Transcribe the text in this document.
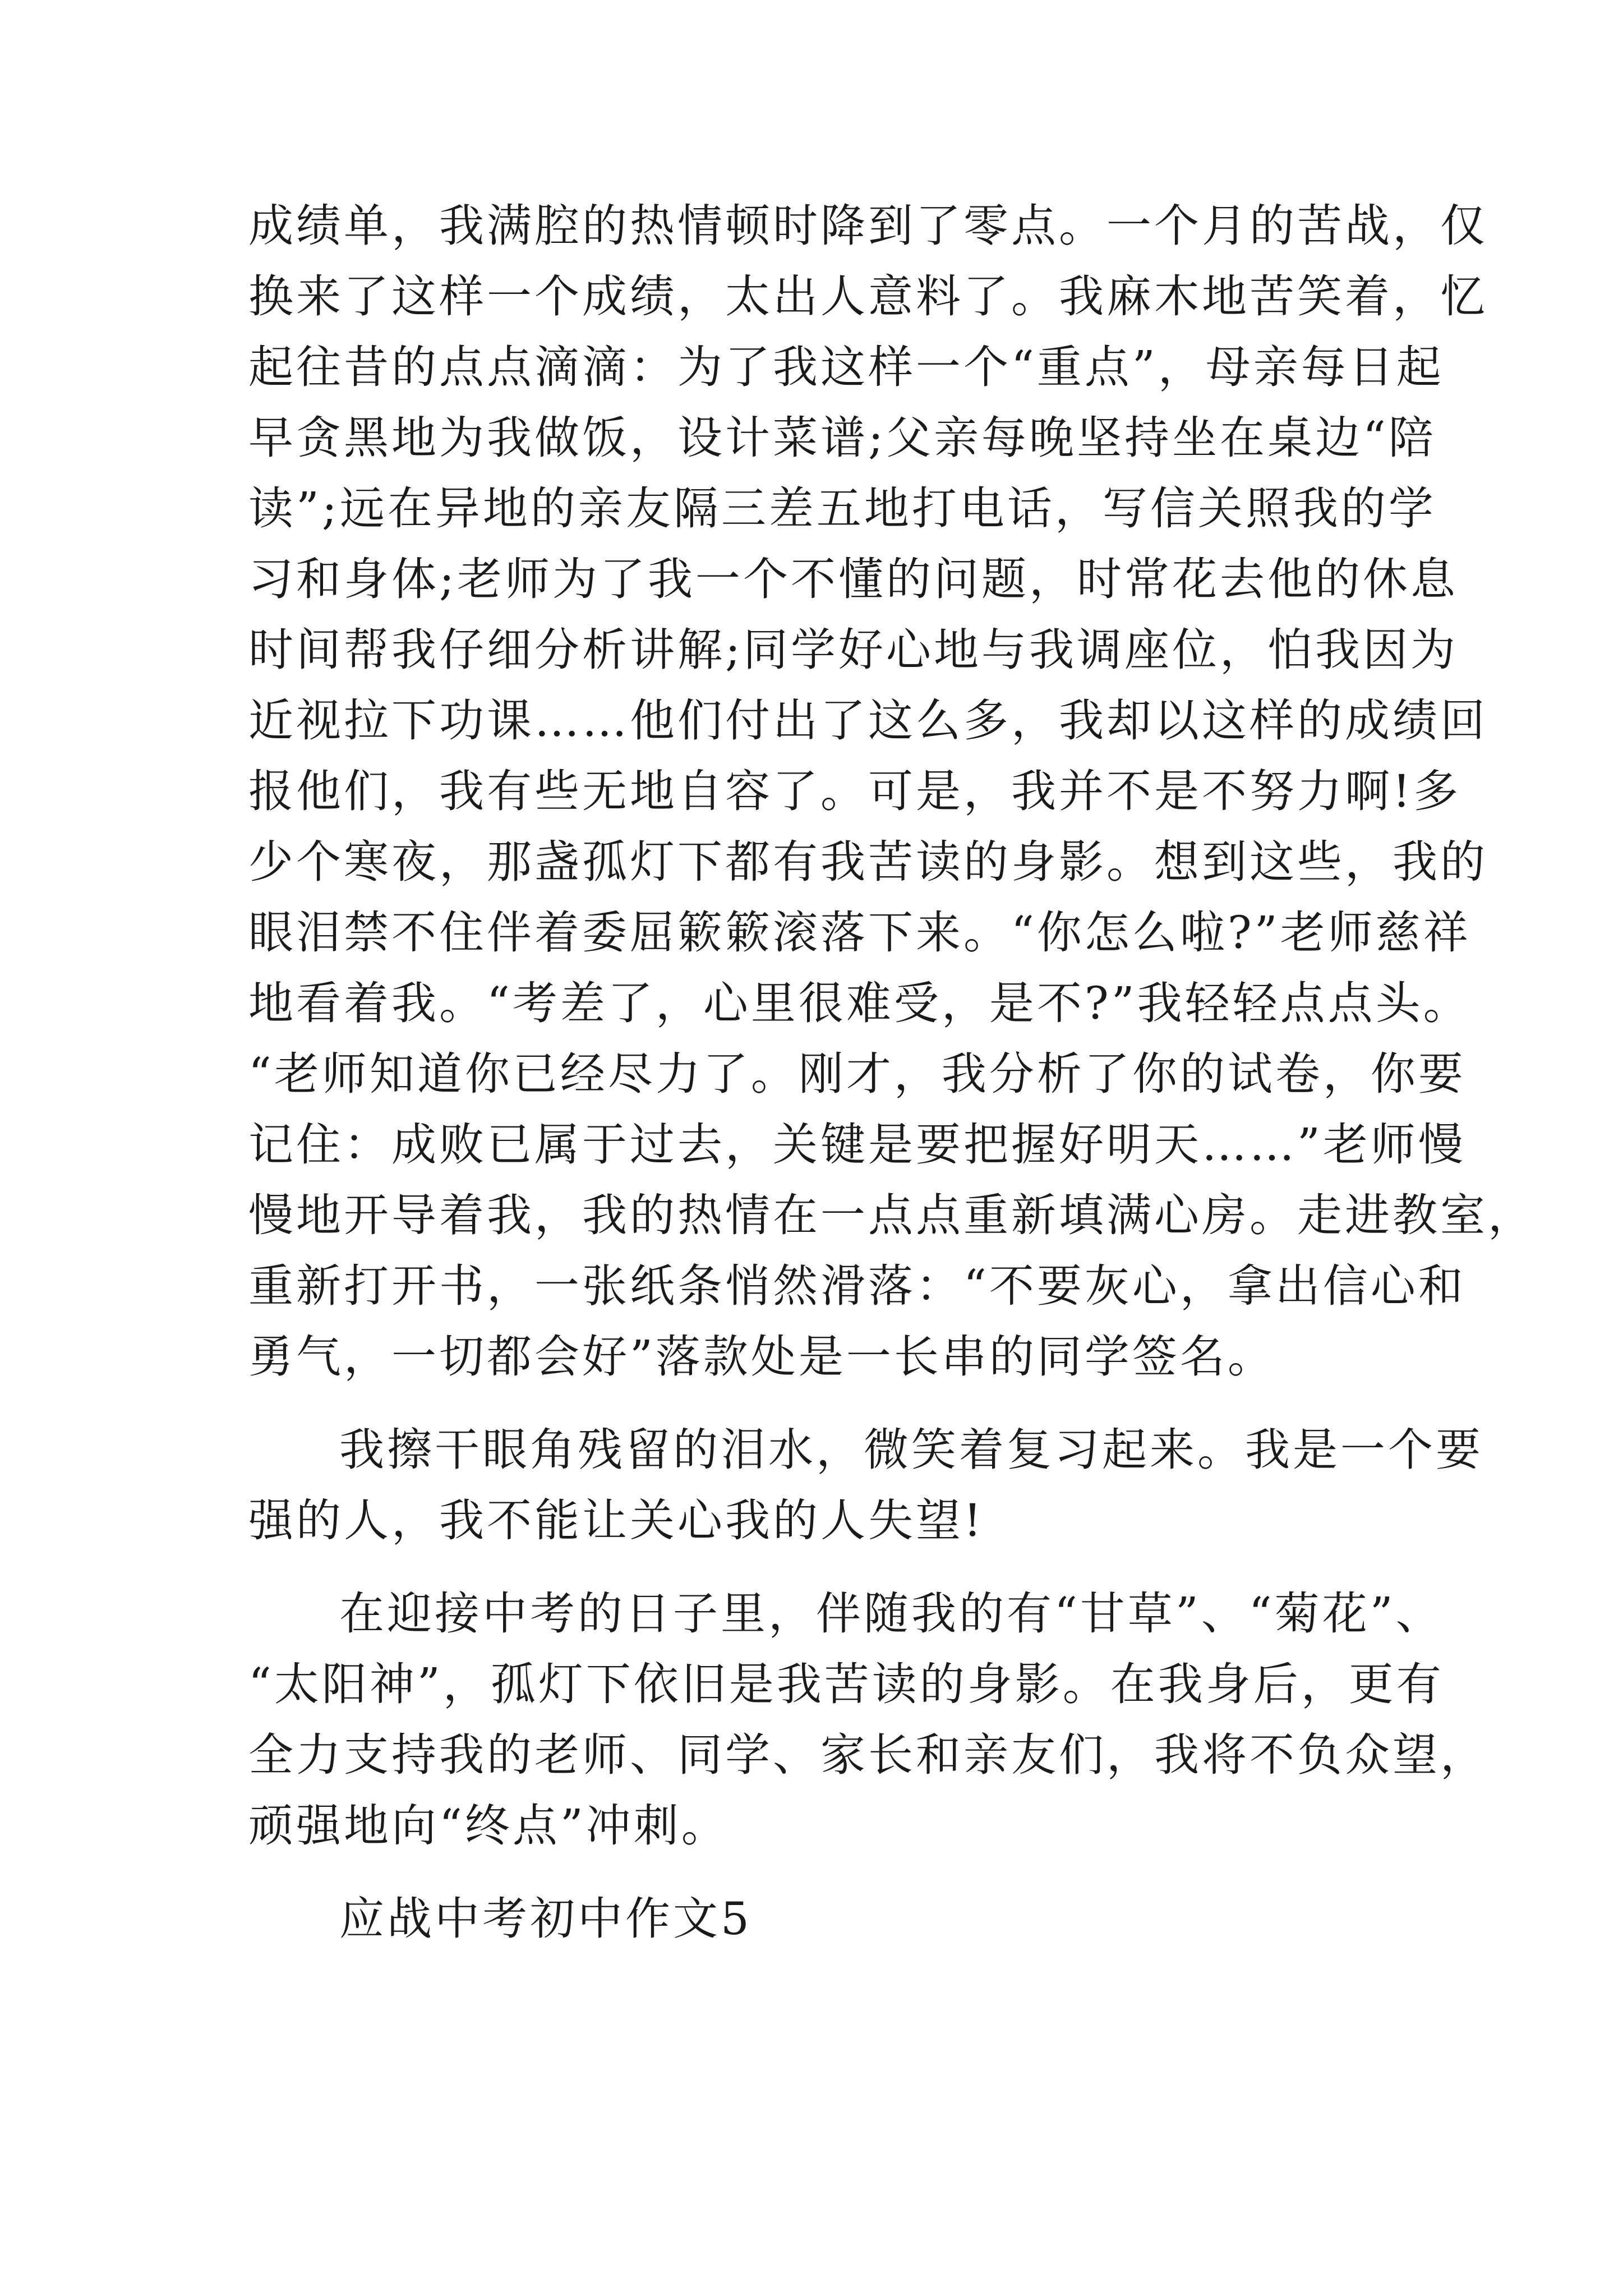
成绩单，我满腔的热情顿时降到了零点。一个月的苦战，仅
换来了这样一个成绩，太出人意料了。我麻木地苦笑着，忆
起往昔的点点滴滴：为了我这样一个“重点”，母亲每日起
早贪黑地为我做饭，设计菜谱;父亲每晚坚持坐在桌边“陪
读”;远在异地的亲友隔三差五地打电话，写信关照我的学
习和身体;老师为了我一个不懂的问题，时常花去他的休息
时间帮我仔细分析讲解;同学好心地与我调座位，怕我因为
近视拉下功课……他们付出了这么多，我却以这样的成绩回
报他们，我有些无地自容了。可是，我并不是不努力啊!多
少个寒夜，那盏孤灯下都有我苦读的身影。想到这些，我的
眼泪禁不住伴着委屈簌簌滚落下来。“你怎么啦?”老师慈祥
地看着我。“考差了，心里很难受，是不?”我轻轻点点头。
“老师知道你已经尽力了。刚才，我分析了你的试卷，你要
记住：成败已属于过去，关键是要把握好明天……”老师慢
慢地开导着我，我的热情在一点点重新填满心房。走进教室，
重新打开书，一张纸条悄然滑落：“不要灰心，拿出信心和
勇气，一切都会好”落款处是一长串的同学签名。
我擦干眼角残留的泪水，微笑着复习起来。我是一个要
强的人，我不能让关心我的人失望!
在迎接中考的日子里，伴随我的有“甘草”、“菊花”、
“太阳神”，孤灯下依旧是我苦读的身影。在我身后，更有
全力支持我的老师、同学、家长和亲友们，我将不负众望，
顽强地向“终点”冲刺。
应战中考初中作文5
